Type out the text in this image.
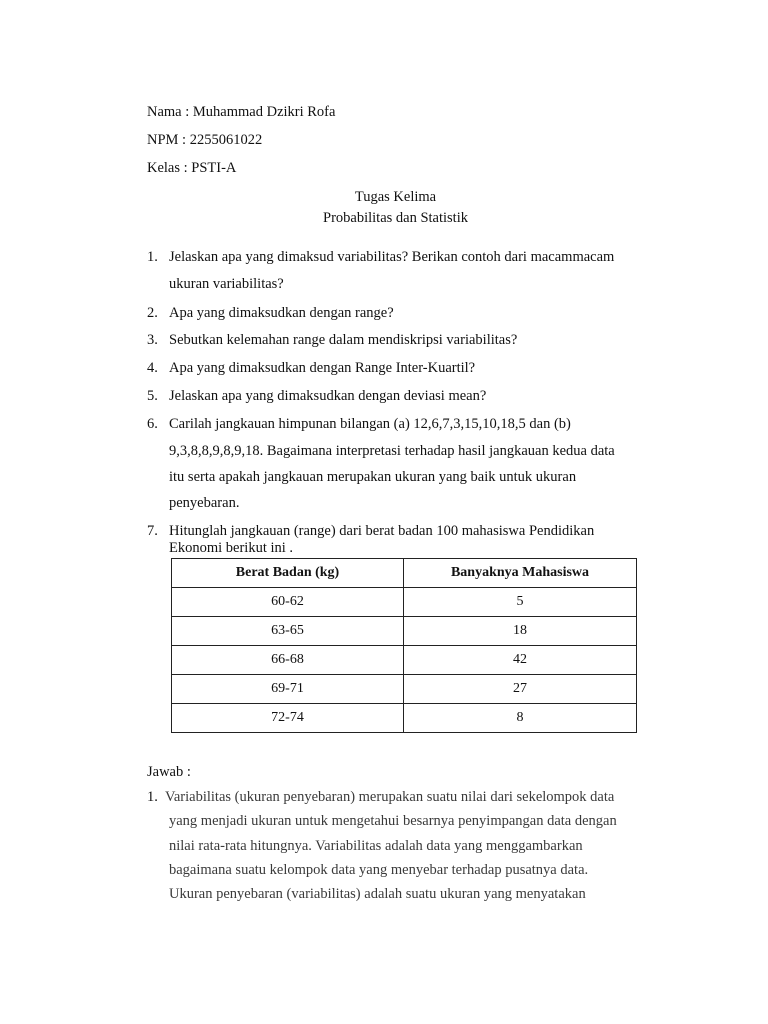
Nama : Muhammad Dzikri Rofa
NPM : 2255061022
Kelas : PSTI-A
Tugas Kelima
Probabilitas dan Statistik
1. Jelaskan apa yang dimaksud variabilitas? Berikan contoh dari macammacam
ukuran variabilitas?
2. Apa yang dimaksudkan dengan range?
3. Sebutkan kelemahan range dalam mendiskripsi variabilitas?
4. Apa yang dimaksudkan dengan Range Inter-Kuartil?
5. Jelaskan apa yang dimaksudkan dengan deviasi mean?
6. Carilah jangkauan himpunan bilangan (a) 12,6,7,3,15,10,18,5 dan (b)
9,3,8,8,9,8,9,18. Bagaimana interpretasi terhadap hasil jangkauan kedua data
itu serta apakah jangkauan merupakan ukuran yang baik untuk ukuran
penyebaran.
7. Hitunglah jangkauan (range) dari berat badan 100 mahasiswa Pendidikan
Ekonomi berikut ini .
Berat Badan (kg)	Banyaknya Mahasiswa
60-62	5
63-65	18
66-68	42
69-71	27
72-74	8
Jawab :
1. Variabilitas (ukuran penyebaran) merupakan suatu nilai dari sekelompok data
yang menjadi ukuran untuk mengetahui besarnya penyimpangan data dengan
nilai rata-rata hitungnya. Variabilitas adalah data yang menggambarkan
bagaimana suatu kelompok data yang menyebar terhadap pusatnya data.
Ukuran penyebaran (variabilitas) adalah suatu ukuran yang menyatakan
